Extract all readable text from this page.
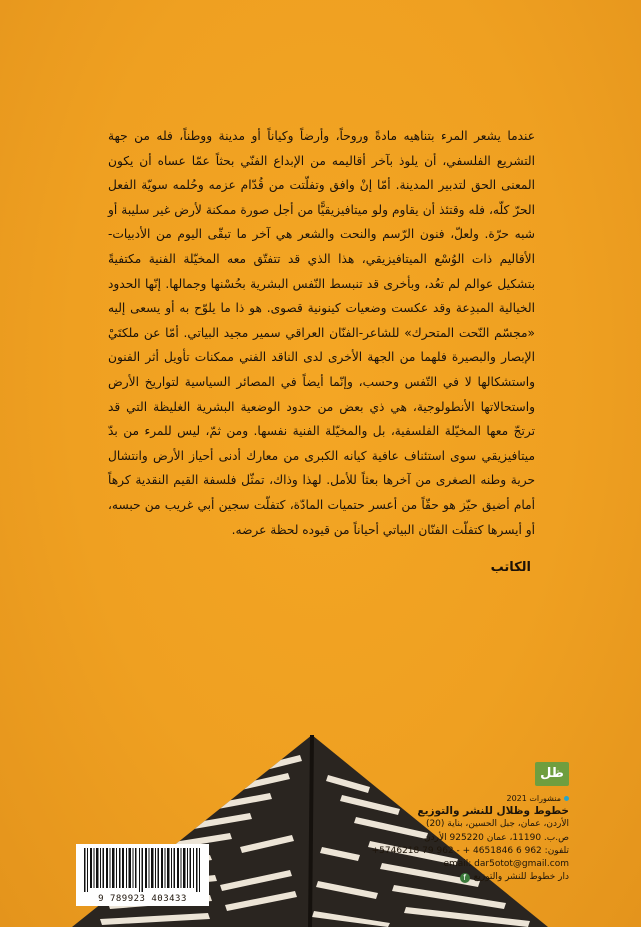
عندما يشعر المرء بتناهيه مادةً وروحاً، وأرضاً وكياناً أو مدينة ووطناً، فله من جهة التشريع الفلسفي، أن يلوذ بآخر أقاليمه من الإبداع الفنّي بحثاً عمّا عساه أن يكون المعنى الحق لتدبير المدينة. أمّا إنْ وافق وتفلّتت من قُدّام عزمه وحُلمه سويّة الفعل الحرّ كلّه، فله وقتئذ أن يقاوم ولو ميتافيزيقيًّا من أجل صورة ممكنة لأرض غير سليبة أو شبه حرّة. ولعلّ، فنون الرّسم والنحت والشعر هي آخر ما تبقّى اليوم من الأدبيات-الأقاليم ذات الوُسْع الميتافيزيقي، هذا الذي قد تتفتّق معه المخيّلة الفنية مكتفيةً بتشكيل عوالم لم تعُد، وبأخرى قد تنبسط النّفس البشرية بحُسْنها وجمالها. إنّها الحدود الخيالية المبدِعة وقد عكست وضعيات كينونية قصوى. هو ذا ما يلوّح به أو يسعى إليه «مجسّم النّحت المتحرك» للشاعر-الفنّان العراقي سمير مجيد البياتي. أمّا عن ملكتَيْ الإبصار والبصيرة فلهما من الجهة الأخرى لدى الناقد الفني ممكنات تأويل أثر الفنون واستشكالها لا في التّفس وحسب، وإنّما أيضاً في المصائر السياسية لتواريخ الأرض واستحالاتها الأنطولوجية، هي ذي بعض من حدود الوضعية البشرية الغليظة التي قد ترتجّ معها المخيّلة الفلسفية، بل والمخيّلة الفنية نفسها. ومن ثمّ، ليس للمرء من بدّ ميتافيزيقي سوى استئناف عافية كيانه الكبرى من معارك أدنى أحياز الأرض وانتشال حرية وطنه الصغرى من آخرها بعثاً للأمل. لهذا وذاك، تمثّل فلسفة القيم النقدية كرهاً أمام أضيق حيّز هو حقّاً من أعسر حتميات المادّة، كتفلّت سجين أبي غريب من حبسه، أو أيسرها كتفلّت الفنّان البياتي أحياناً من قيوده لحظة عرضه.

الكاتب
9 789923 403433
ظل
منشورات 2021
خطوط وظلال للنشر والتوزيع
الأردن، عمان، جبل الحسين، بناية (20)
ص.ب. 11190، عمان 925220 الأردن
تلفون: 962 6 4651846 + - 962 79 5746218+
email: dar5otot@gmail.com
دار خطوط للنشر والتوزيع
f
